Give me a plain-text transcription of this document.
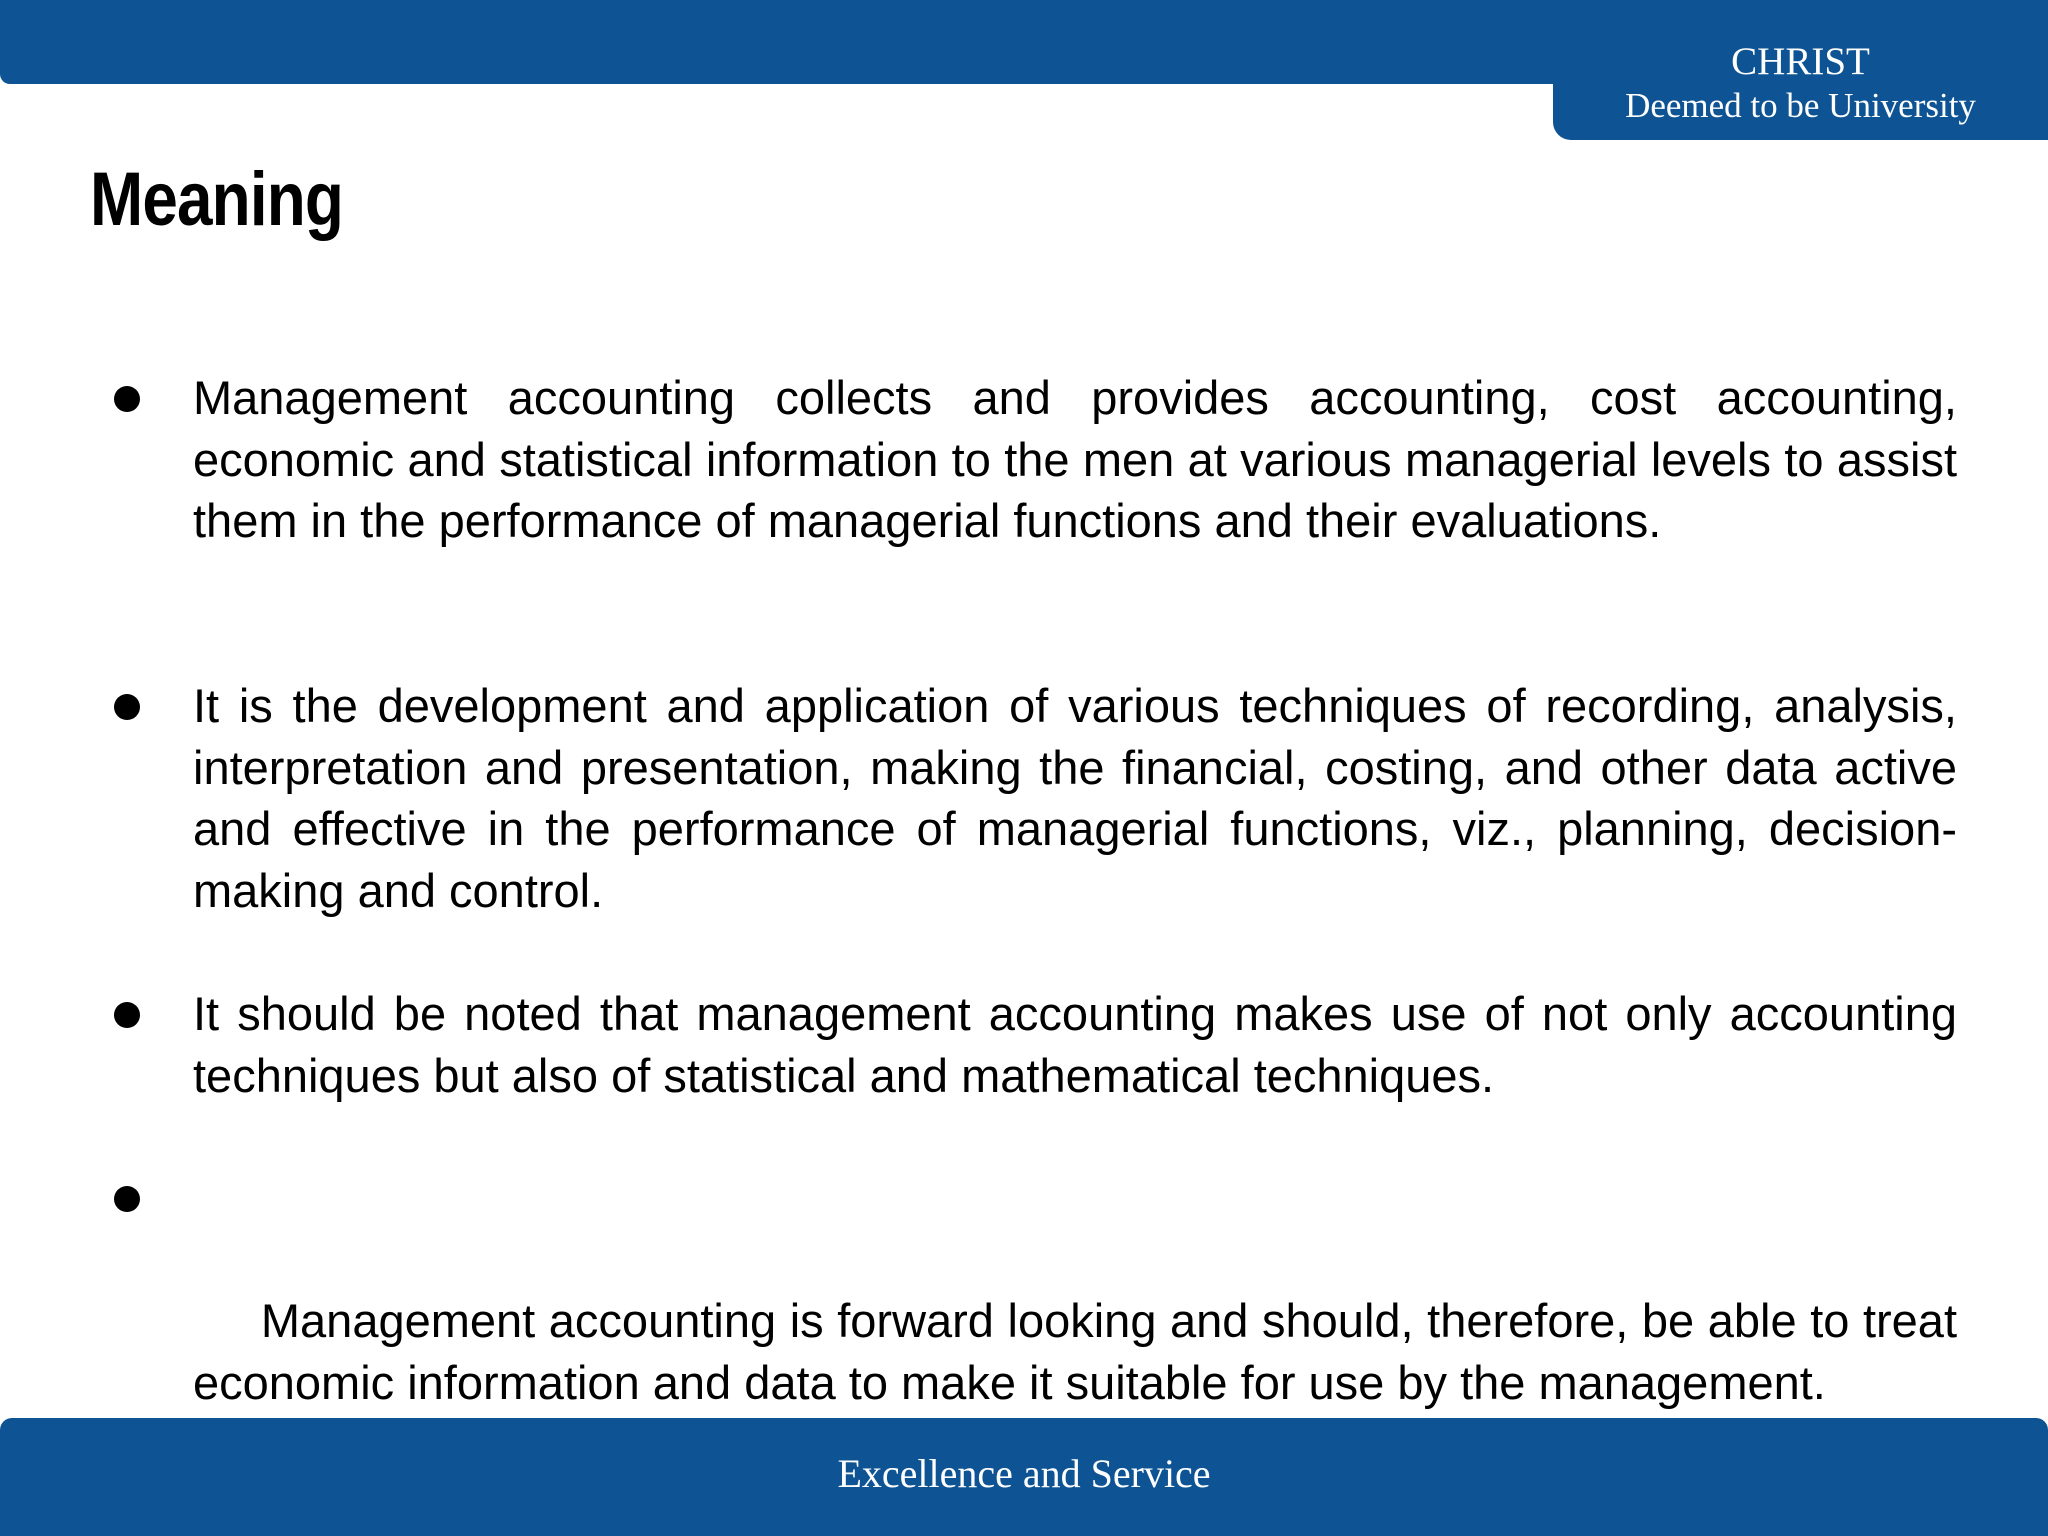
CHRIST
Deemed to be University
Meaning
Management accounting collects and provides accounting, cost accounting, economic and statistical information to the men at various managerial levels to assist them in the performance of managerial functions and their evaluations.
It is the development and application of various techniques of recording, analysis, interpretation and presentation, making the financial, costing, and other data active and effective in the performance of managerial functions, viz., planning, decision-making and control.
It should be noted that management accounting makes use of not only accounting techniques but also of statistical and mathematical techniques.

Management accounting is forward looking and should, therefore, be able to treat economic information and data to make it suitable for use by the management.

Excellence and Service
